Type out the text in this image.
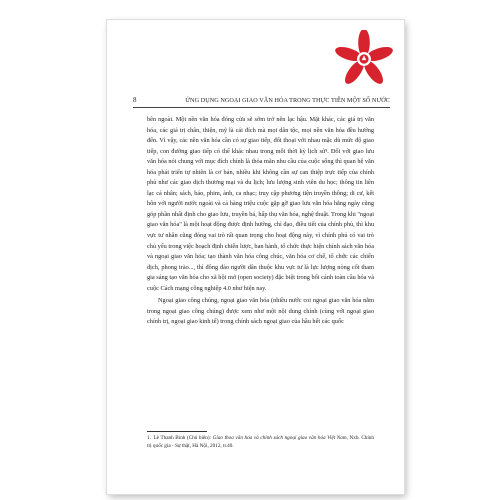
8	ỨNG DỤNG NGOẠI GIAO VĂN HÓA TRONG THỰC TIỄN MỘT SỐ NƯỚC

bên ngoài. Một nền văn hóa đóng cửa sẽ sớm trở nên lạc hậu. Mặt khác, các giá trị văn hóa, các giá trị chân, thiện, mỹ là cái đích mà mọi dân tộc, mọi nền văn hóa đều hướng đến. Vì vậy, các nền văn hóa cần có sự giao tiếp, đối thoại với nhau mặc dù mức độ giao tiếp, con đường giao tiếp có thể khác nhau trong mỗi thời kỳ lịch sử¹. Đối với giao lưu văn hóa nói chung với mục đích chính là thỏa mãn nhu cầu của cuộc sống thì quan hệ văn hóa phát triển tự nhiên là cơ bản, nhiều khi không cần sự can thiệp trực tiếp của chính phủ như các giao dịch thương mại và du lịch; lưu lượng sinh viên du học; thông tin liên lạc cá nhân; sách, báo, phim, ảnh, ca nhạc; truy cập phương tiện truyền thông; di cư, kết hôn với người nước ngoài và cả hàng triệu cuộc gặp gỡ giao lưu văn hóa hằng ngày cũng góp phần nhất định cho giao lưu, truyền bá, hấp thụ văn hóa, nghệ thuật. Trong khi "ngoại giao văn hóa" là một hoạt động được định hướng, chỉ đạo, điều tiết của chính phủ, thì khu vực tư nhân cũng đóng vai trò rất quan trọng cho hoạt động này, vì chính phủ có vai trò chủ yếu trong việc hoạch định chiến lược, ban hành, tổ chức thực hiện chính sách văn hóa và ngoại giao văn hóa; tạo thành văn hóa công chúc, văn hóa cơ chế, tổ chức các chiến dịch, phong trào..., thì đông đảo người dân thuộc khu vực tư là lực lượng nòng cốt tham gia sáng tạo văn hóa cho xã hội mở (open society) đặc biệt trong bối cảnh toàn cầu hóa và cuộc Cách mạng công nghiệp 4.0 như hiện nay.

Ngoại giao công chúng, ngoại giao văn hóa (nhiều nước coi ngoại giao văn hóa nằm trong ngoại giao công chúng) được xem như một nội dung chính (cùng với ngoại giao chính trị, ngoại giao kinh tế) trong chính sách ngoại giao của hầu hết các quốc

1. Lê Thanh Bình (Chủ biên): Giao thoa văn hóa và chính sách ngoại giao văn hóa Việt Nam, Nxb. Chính trị quốc gia - Sự thật, Hà Nội, 2012, tr.40.
